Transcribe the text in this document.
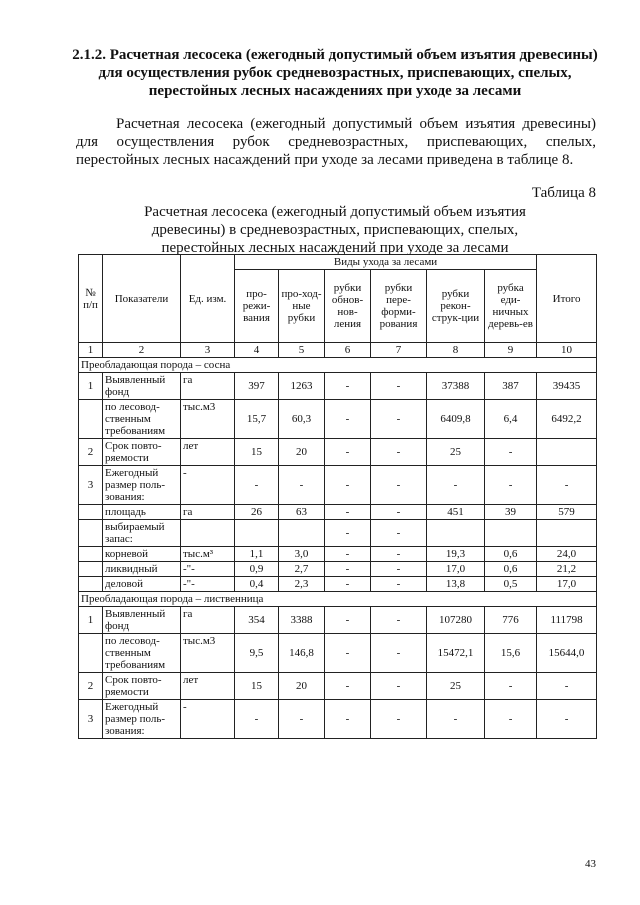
2.1.2. Расчетная лесосека (ежегодный допустимый объем изъятия древесины) для осуществления рубок средневозрастных, приспевающих, спелых, перестойных лесных насаждениях при уходе за лесами
Расчетная лесосека (ежегодный допустимый объем изъятия древесины) для осуществления рубок средневозрастных, приспевающих, спелых, перестойных лесных насаждений при уходе за лесами приведена в таблице 8.
Таблица 8
Расчетная лесосека (ежегодный допустимый объем изъятия древесины) в средневозрастных, приспевающих, спелых, перестойных лесных насаждений при уходе за лесами
№ п/п	Показатели	Ед. изм.	Виды ухода за лесами						Итого
			про-режи-вания	про-ход-ные рубки	рубки обнов-нов-ления	рубки пере-форми-рования	рубки рекон-струк-ции	рубка еди-ничных деревь-ев	
1	2	3	4	5	6	7	8	9	10
Преобладающая порода – сосна									
1	Выявленный фонд	га	397	1263	-	-	37388	387	39435
	по лесовод-ственным требованиям	тыс.м3	15,7	60,3	-	-	6409,8	6,4	6492,2
2	Срок повто-ряемости	лет	15	20	-	-	25	-	
3	Ежегодный размер поль-зования:	-	-	-	-	-	-	-	-
	площадь	га	26	63	-	-	451	39	579
	выбираемый запас:				-	-			
	корневой	тыс.м³	1,1	3,0	-	-	19,3	0,6	24,0
	ликвидный	-"-	0,9	2,7	-	-	17,0	0,6	21,2
	деловой	-"-	0,4	2,3	-	-	13,8	0,5	17,0
Преобладающая порода – лиственница									
1	Выявленный фонд	га	354	3388	-	-	107280	776	111798
	по лесовод-ственным требованиям	тыс.м3	9,5	146,8	-	-	15472,1	15,6	15644,0
2	Срок повто-ряемости	лет	15	20	-	-	25	-	-
3	Ежегодный размер поль-зования:	-	-	-	-	-	-	-	-
43
